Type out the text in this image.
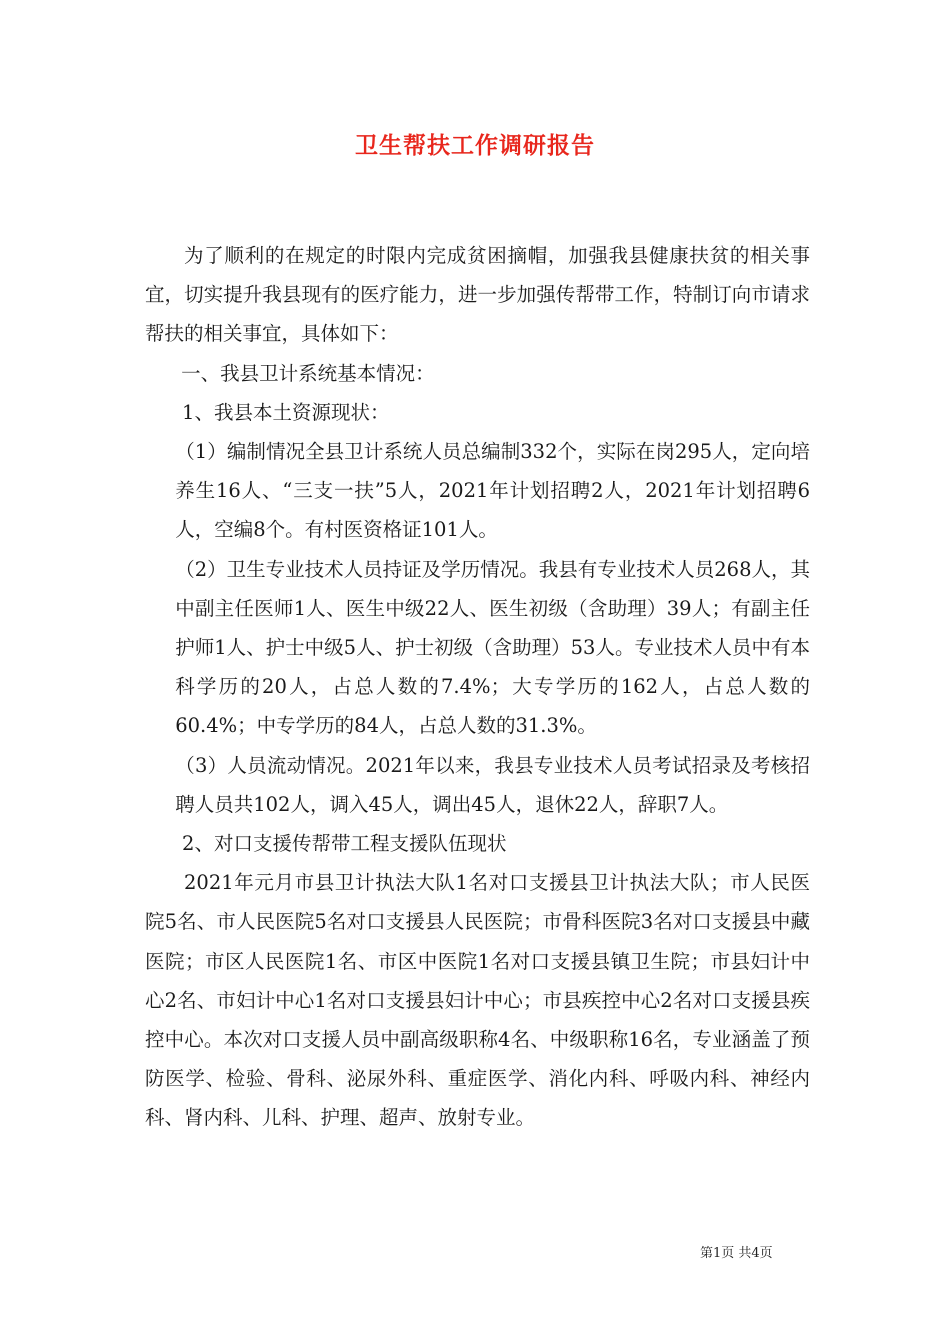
卫生帮扶工作调研报告

为了顺利的在规定的时限内完成贫困摘帽，加强我县健康扶贫的相关事宜，切实提升我县现有的医疗能力，进一步加强传帮带工作，特制订向市请求帮扶的相关事宜，具体如下：

一、我县卫计系统基本情况：

1、我县本土资源现状：

（1）编制情况全县卫计系统人员总编制332个，实际在岗295人，定向培养生16人、“三支一扶”5人，2021年计划招聘2人，2021年计划招聘6人，空编8个。有村医资格证101人。

（2）卫生专业技术人员持证及学历情况。我县有专业技术人员268人，其中副主任医师1人、医生中级22人、医生初级（含助理）39人；有副主任护师1人、护士中级5人、护士初级（含助理）53人。专业技术人员中有本科学历的20人，占总人数的7.4%；大专学历的162人，占总人数的60.4%；中专学历的84人，占总人数的31.3%。

（3）人员流动情况。2021年以来，我县专业技术人员考试招录及考核招聘人员共102人，调入45人，调出45人，退休22人，辞职7人。

2、对口支援传帮带工程支援队伍现状

2021年元月市县卫计执法大队1名对口支援县卫计执法大队；市人民医院5名、市人民医院5名对口支援县人民医院；市骨科医院3名对口支援县中藏医院；市区人民医院1名、市区中医院1名对口支援县镇卫生院；市县妇计中心2名、市妇计中心1名对口支援县妇计中心；市县疾控中心2名对口支援县疾控中心。本次对口支援人员中副高级职称4名、中级职称16名，专业涵盖了预防医学、检验、骨科、泌尿外科、重症医学、消化内科、呼吸内科、神经内科、肾内科、儿科、护理、超声、放射专业。

第1页 共4页
